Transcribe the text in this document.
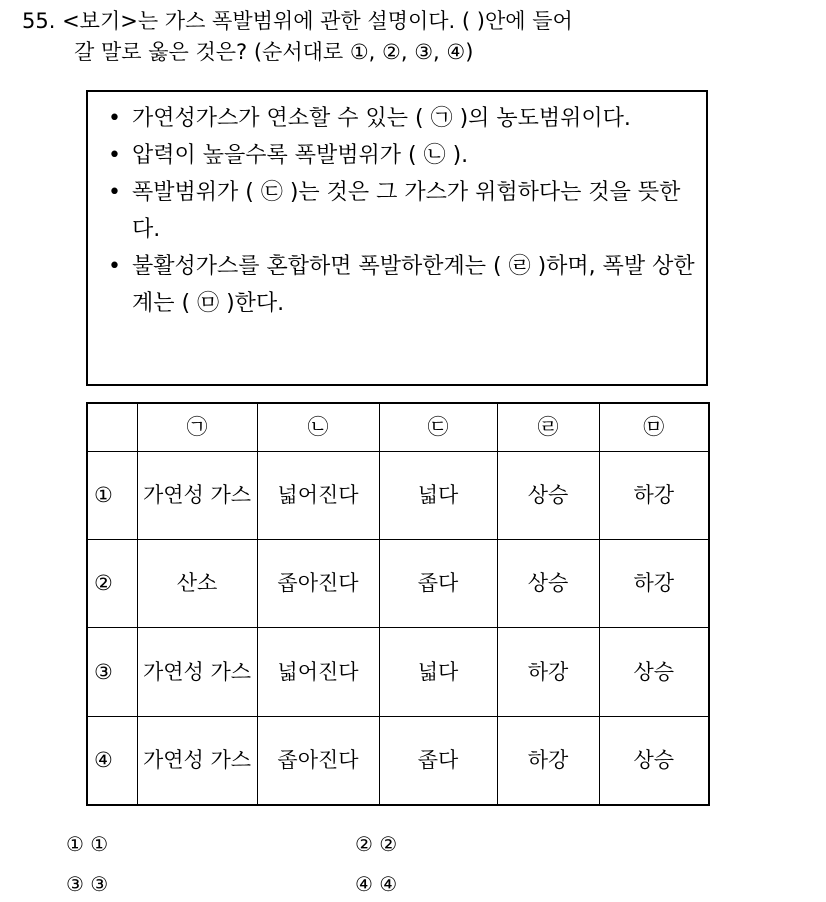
55. <보기>는 가스 폭발범위에 관한 설명이다. ( )안에 들어
갈 말로 옳은 것은? (순서대로 ①, ②, ③, ④)
• 가연성가스가 연소할 수 있는 ( ㉠ )의 농도범위이다.
• 압력이 높을수록 폭발범위가 ( ㉡ ).
• 폭발범위가 ( ㉢ )는 것은 그 가스가 위험하다는 것을 뜻한다.
• 불활성가스를 혼합하면 폭발하한계는 ( ㉣ )하며, 폭발 상한계는 ( ㉤ )한다.
	㉠	㉡	㉢	㉣	㉤
①	가연성 가스	넓어진다	넓다	상승	하강
②	산소	좁아진다	좁다	상승	하강
③	가연성 가스	넓어진다	넓다	하강	상승
④	가연성 가스	좁아진다	좁다	하강	상승
① ①	② ②
③ ③	④ ④
